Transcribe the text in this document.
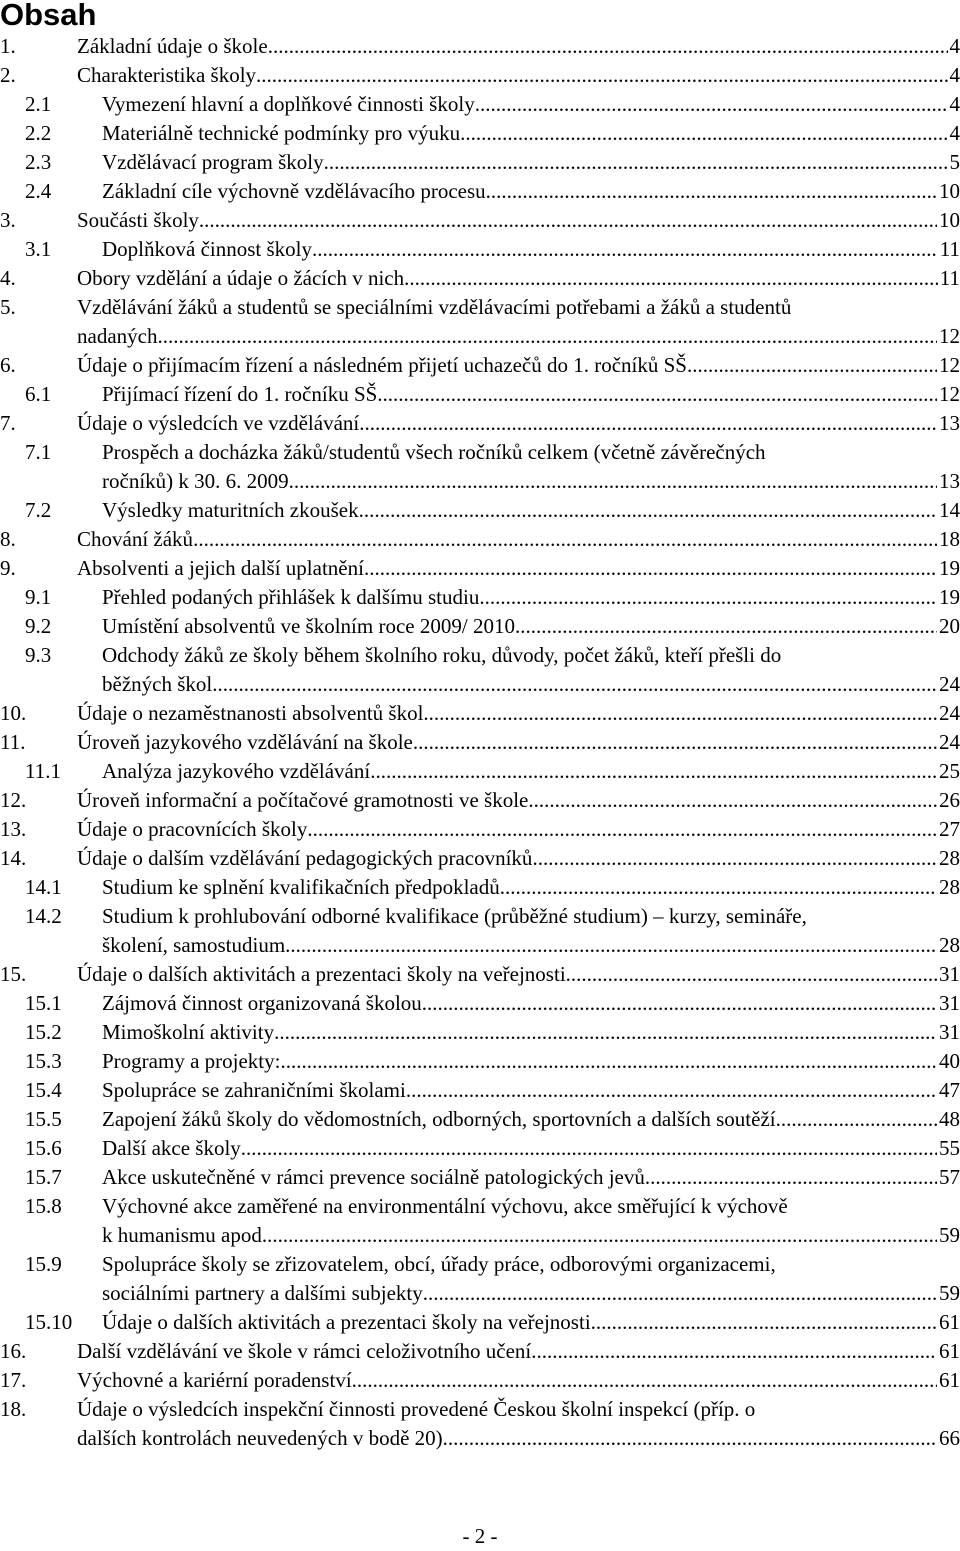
Obsah
1.	Základní údaje o škole .....	4
2.	Charakteristika školy .....	4
2.1	Vymezení hlavní a doplňkové činnosti školy .....	4
2.2	Materiálně technické podmínky pro výuku .....	4
2.3	Vzdělávací program školy .....	5
2.4	Základní cíle výchovně vzdělávacího procesu .....	10
3.	Součásti školy .....	10
3.1	Doplňková činnost školy .....	11
4.	Obory vzdělání a údaje o žácích v nich .....	11
5.	Vzdělávání žáků a studentů se speciálními vzdělávacími potřebami a žáků a studentů
nadaných .....	12
6.	Údaje o přijímacím řízení a následném přijetí uchazečů do 1. ročníků SŠ .....	12
6.1	Přijímací řízení do 1. ročníku SŠ .....	12
7.	Údaje o výsledcích ve vzdělávání .....	13
7.1	Prospěch a docházka žáků/studentů všech ročníků celkem (včetně závěrečných
ročníků) k 30. 6. 2009 .....	13
7.2	Výsledky maturitních zkoušek .....	14
8.	Chování žáků .....	18
9.	Absolventi a jejich další uplatnění .....	19
9.1	Přehled podaných přihlášek k dalšímu studiu .....	19
9.2	Umístění absolventů ve školním roce 2009/ 2010 .....	20
9.3	Odchody žáků ze školy během školního roku, důvody, počet žáků, kteří přešli do
běžných škol. .....	24
10.	Údaje o nezaměstnanosti absolventů škol .....	24
11.	Úroveň jazykového vzdělávání na škole .....	24
11.1	Analýza jazykového vzdělávání .....	25
12.	Úroveň informační a počítačové gramotnosti ve škole .....	26
13.	Údaje o pracovnících školy .....	27
14.	Údaje o dalším vzdělávání pedagogických pracovníků .....	28
14.1	Studium ke splnění kvalifikačních předpokladů .....	28
14.2	Studium k prohlubování odborné kvalifikace (průběžné studium) – kurzy, semináře,
školení, samostudium .....	28
15.	Údaje o dalších aktivitách a prezentaci školy na veřejnosti .....	31
15.1	Zájmová činnost organizovaná školou .....	31
15.2	Mimoškolní aktivity .....	31
15.3	Programy a projekty: .....	40
15.4	Spolupráce se zahraničními školami .....	47
15.5	Zapojení žáků školy do vědomostních, odborných, sportovních a dalších soutěží. .....	48
15.6	Další akce školy .....	55
15.7	Akce uskutečněné v rámci prevence sociálně patologických jevů .....	57
15.8	Výchovné akce zaměřené na environmentální výchovu, akce směřující k výchově
k humanismu apod. .....	59
15.9	Spolupráce školy se zřizovatelem, obcí, úřady práce, odborovými organizacemi,
sociálními partnery a dalšími subjekty .....	59
15.10	Údaje o dalších aktivitách a prezentaci školy na veřejnosti .....	61
16.	Další vzdělávání ve škole v rámci celoživotního učení .....	61
17.	Výchovné a kariérní poradenství .....	61
18.	Údaje o výsledcích inspekční činnosti provedené Českou školní inspekcí (příp. o
dalších kontrolách neuvedených v bodě 20) .....	66
- 2 -
